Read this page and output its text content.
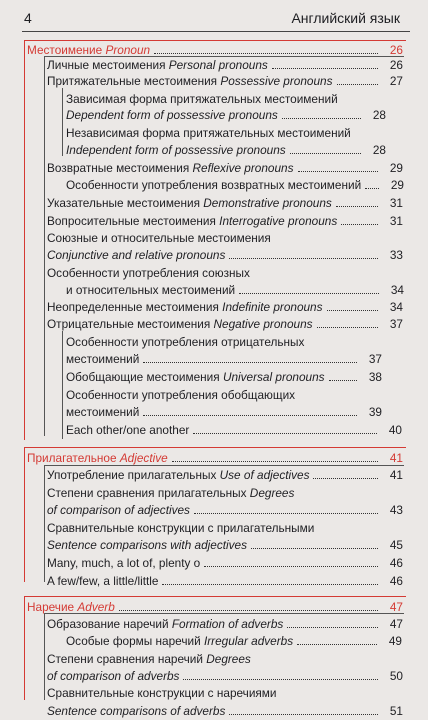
4	Английский язык
Местоимение Pronoun	26
Личные местоимения Personal pronouns	26
Притяжательные местоимения Possessive pronouns	27
Зависимая форма притяжательных местоимений
Dependent form of possessive pronouns	28
Независимая форма притяжательных местоимений
Independent form of possessive pronouns	28
Возвратные местоимения Reflexive pronouns	29
Особенности употребления возвратных местоимений	29
Указательные местоимения Demonstrative pronouns	31
Вопросительные местоимения Interrogative pronouns	31
Союзные и относительные местоимения
Conjunctive and relative pronouns	33
Особенности употребления союзных
и относительных местоимений	34
Неопределенные местоимения Indefinite pronouns	34
Отрицательные местоимения Negative pronouns	37
Особенности употребления отрицательных
местоимений	37
Обобщающие местоимения Universal pronouns	38
Особенности употребления обобщающих
местоимений	39
Each other/one another	40
Прилагательное Adjective	41
Употребление прилагательных Use of adjectives	41
Степени сравнения прилагательных Degrees
of comparison of adjectives	43
Сравнительные конструкции с прилагательными
Sentence comparisons with adjectives	45
Many, much, a lot of, plenty o	46
A few/few, a little/little	46
Наречие Adverb	47
Образование наречий Formation of adverbs	47
Особые формы наречий Irregular adverbs	49
Степени сравнения наречий Degrees
of comparison of adverbs	50
Сравнительные конструкции с наречиями
Sentence comparisons of adverbs	51
